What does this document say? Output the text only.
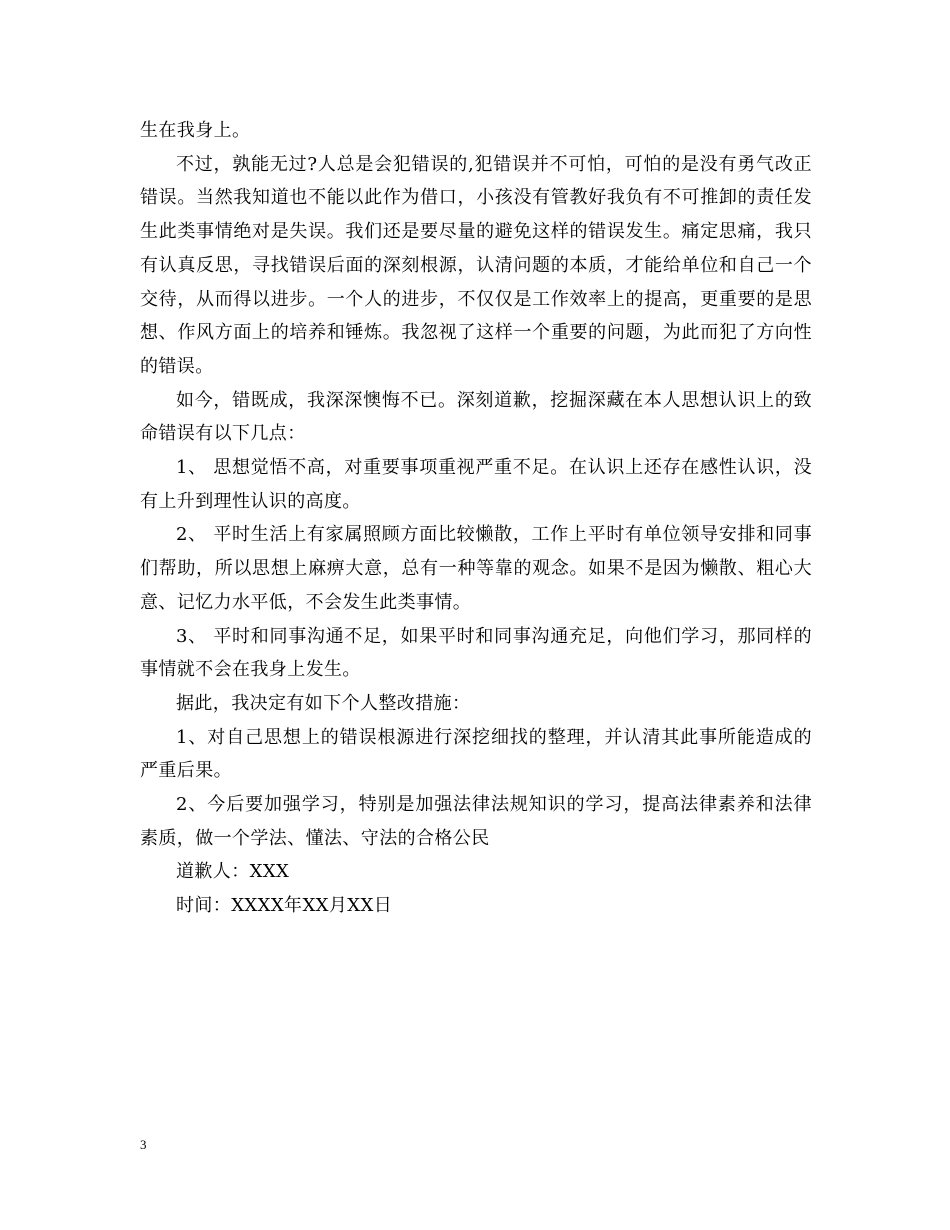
生在我身上。

不过，孰能无过?人总是会犯错误的,犯错误并不可怕，可怕的是没有勇气改正错误。当然我知道也不能以此作为借口，小孩没有管教好我负有不可推卸的责任发生此类事情绝对是失误。我们还是要尽量的避免这样的错误发生。痛定思痛，我只有认真反思，寻找错误后面的深刻根源，认清问题的本质，才能给单位和自己一个交待，从而得以进步。一个人的进步，不仅仅是工作效率上的提高，更重要的是思想、作风方面上的培养和锤炼。我忽视了这样一个重要的问题，为此而犯了方向性的错误。

如今，错既成，我深深懊悔不已。深刻道歉，挖掘深藏在本人思想认识上的致命错误有以下几点：

1、 思想觉悟不高，对重要事项重视严重不足。在认识上还存在感性认识，没有上升到理性认识的高度。

2、 平时生活上有家属照顾方面比较懒散，工作上平时有单位领导安排和同事们帮助，所以思想上麻痹大意，总有一种等靠的观念。如果不是因为懒散、粗心大意、记忆力水平低，不会发生此类事情。

3、 平时和同事沟通不足，如果平时和同事沟通充足，向他们学习，那同样的事情就不会在我身上发生。

据此，我决定有如下个人整改措施：

1、对自己思想上的错误根源进行深挖细找的整理，并认清其此事所能造成的严重后果。

2、今后要加强学习，特别是加强法律法规知识的学习，提高法律素养和法律素质，做一个学法、懂法、守法的合格公民

道歉人：XXX

时间：XXXX年XX月XX日

3
